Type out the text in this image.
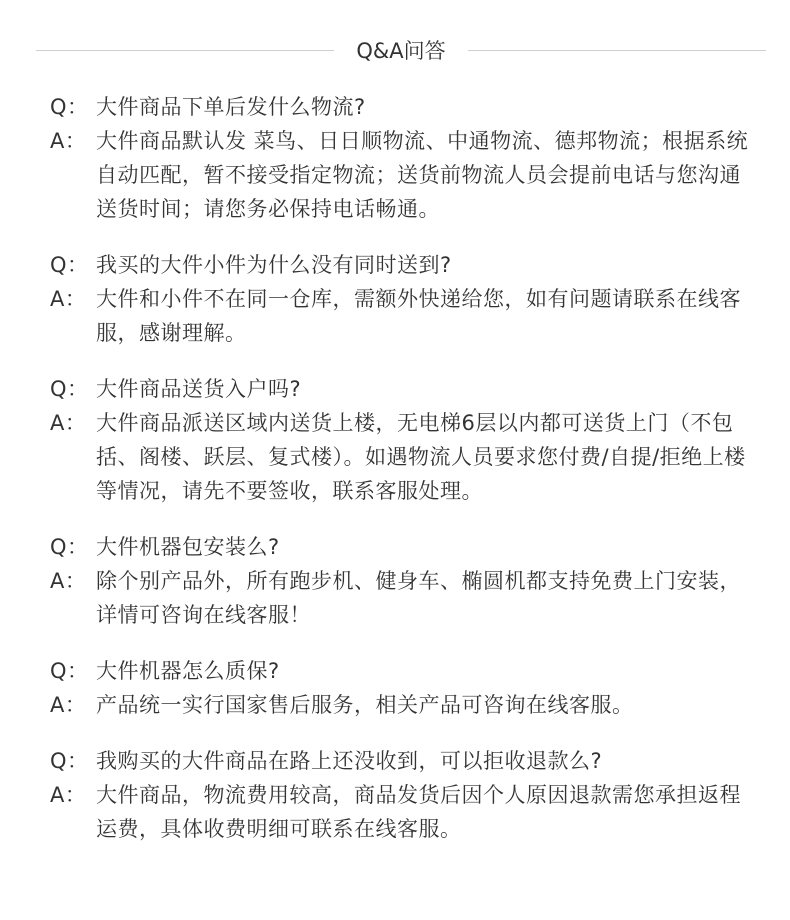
Q&A问答
Q： 大件商品下单后发什么物流?
A： 大件商品默认发 菜鸟、日日顺物流、中通物流、德邦物流；根据系统自动匹配，暂不接受指定物流；送货前物流人员会提前电话与您沟通送货时间；请您务必保持电话畅通。
Q： 我买的大件小件为什么没有同时送到?
A： 大件和小件不在同一仓库，需额外快递给您，如有问题请联系在线客服，感谢理解。
Q： 大件商品送货入户吗?
A： 大件商品派送区域内送货上楼，无电梯6层以内都可送货上门（不包括、阁楼、跃层、复式楼）。如遇物流人员要求您付费/自提/拒绝上楼等情况，请先不要签收，联系客服处理。
Q： 大件机器包安装么?
A： 除个别产品外，所有跑步机、健身车、椭圆机都支持免费上门安装，详情可咨询在线客服！
Q： 大件机器怎么质保?
A： 产品统一实行国家售后服务，相关产品可咨询在线客服。
Q： 我购买的大件商品在路上还没收到，可以拒收退款么?
A： 大件商品，物流费用较高，商品发货后因个人原因退款需您承担返程运费，具体收费明细可联系在线客服。
